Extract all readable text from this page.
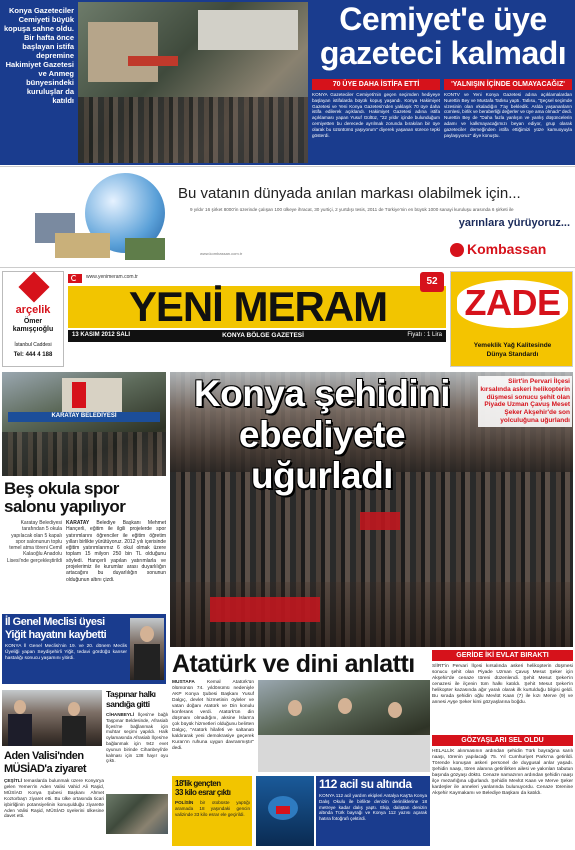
Konya Gazeteciler Cemiyeti büyük kopuşa sahne oldu. Bir hafta önce başlayan istifa depremine Hakimiyet Gazetesi ve Anmeg bünyesindeki kuruluşlar da katıldı
Cemiyet'e üye
gazeteci kalmadı
70 ÜYE DAHA İSTİFA ETTİ
KONYA Gazeteciler Cemiyeti'nin geçen seçimden hediyeye başlayan istifalarda büyük kopuş yaşandı. Konya Hakimiyet Gazetesi ve Yeni Konya Gazetesi'nden yaklaşık 70 üye daha istifa edilerek açıklandı. Hakimiyet Gazetesi adına istifa açıklaması yapan Yusuf Gültüz, "22 yıldır içinde bulunduğum cemiyetten bu derecede ayrılmak zorunda bırakılan bir üye olarak bu üzüntümü yaşıyorum" diyerek yaşanan sürece tepki gösterdi.
'YALNIŞIN İÇİNDE OLMAYACAĞIZ'
KONTV ve Yeni Konya Gazetesi adına açıklamalardan Nurettin Bey ve Mustafa Tatlısu yaptı. Tatlısu, "Şeçsel seçimde vizesinin olan ırkaladığın 7'ay bekledik. Aslda yaşananların cümlesi, birlik ve beraberliği değerler ve üye ama olmadı" dedi. Nurettin Bey de "Daha fazla yanlışın ve yanlış düşüncelerin adamı ve kalkmayacağımızı beyan ediyor, grup olarak gazeteciler derneğinden istifa ettiğimizi yüze kamuoyuyla paylaşıyoruz" diye konuştu.
Bu vatanın dünyada anılan markası olabilmek için...
9 yıldır 16 şirket 8000'in üzerinde çalışan 100 ülkeye ihracat, 30 yurtiçi, 2 yurtdışı tesis, 2011 de Türkiye'nin en büyük 1000 sanayi kuruluşu arasında 6 şirketi ile
yarınlara yürüyoruz...
www.kombassan.com.tr	Kombassan
arçelik
Ömer
kamışçıoğlu
İstanbul Caddesi
Tel: 444 4 188
www.yenimeram.com.tr
YENİ MERAM
52
13 KASIM 2012 SALI	KONYA BÖLGE GAZETESİ	Fiyatı : 1 Lira
ZADE
Yemeklik Yağ Kalitesinde
Dünya Standardı
KARATAY BELEDİYESİ
Beş okula spor
salonu yapılıyor
Karatay Belediyesi tarafından 5 okula yapılacak olan 5 kapalı spor salonunun toplu temel atma töreni Cemil Kalaoğlu Anadolu Lisesi'nde gerçekleştirildi
KARATAY Belediye Başkanı Mehmet Hançerli, eğitim ile ilgili projelerde spor yatırımlarını öğrenciler ile eğitim öğretim yılları birlikte yürütüyoruz. 2012 yılı içerisinde eğitim yatırımlarımız 6 okul olmak üzere toplam 15 milyon 250 bin TL olduğunu söyledi. Hançerli yapılan yatırımlarla ve projelerimiz ile kurumlar arası duyarlılığın artacağını bu duyarlılığın sonunun olduğunun altını çizdi.
Konya şehidini
ebediyete uğurladı
Siirt'in Pervari İlçesi kırsalında askeri helikopterin düşmesi sonucu şehit olan Piyade Uzman Çavuş Meset Şeker Akşehir'de son yolculuğuna uğurlandı
GERİDE İKİ EVLAT BIRAKTI
SİİRT'in Pervari İlçesi kırsalında askeri helikopterin düşmesi sonucu şehit olan Piyade Uzman Çavuş Mesut Şeker için Akşehir'de cenaze töreni düzenlendi. Şehit Mesut Şeker'in cenazesi ile ilçenin tüm halkı katıldı. Şehit Mesut Şeker'in helikopter kazasında ağır yaralı olarak ilk kurtulduğu bilgisi geldi. Bu sırada şehidin oğlu Mevlüt Kaan (7) ile kızı Merve (9) ve annesi Ayşe Şeker kimi gözyaşlarına boğdu.
GÖZYAŞLARI SEL OLDU
HELALLİK alınmasının ardından şehidin Türk bayrağına sarılı naaşı, törenin yapılacağı 75. Yıl Cumhuriyet Parkı'na getirildi. Törende konuşan askeri personel de duygusal anlar yaşadı. Şehidin naaşı, tören alanına getirilirken ailesi ve yakınları tabutun başında gözyaşı döktü. Cenaze namazının ardından şehidin naaşı ilçe mezarlığına uğurlandı. Şehidin Mevlüt Kaan ve Merve Şeker kardeşler ile anneleri yanlarında bulunuyordu. Cenaze törenine Akşehir Kaymakamı ve Belediye Başkanı da katıldı.
İl Genel Meclisi üyesi
Yiğit hayatını kaybetti
KONYA İl Genel Meclisi'nin 19. ve 20. dönem Meclis Üyeliği yapan Seydişehirli Yiğit, tedavi gördüğü kanser hastalığı sonucu yaşamını yitirdi.	Atatürk ve dini anlattı
MUSTAFA Kemal Atatürk'ün ölümünün 74. yıldönümü nedeniyle AKP Konya Şubesi Başkanı Yusuf Dalgıç, devlet hizmetinin öyleler ve vatan doğanı Atatürk ve Din konulu konferans verdi. Atatürk'ün din düşmanı olmadığını, aksine İslam'a çok büyük hizmetleri olduğunu belirten Dalgıç, "Atatürk hilafeti ve saltanatı kaldırarak yeni demokrasiye geçerek Kuran'ın ruhuna uygun davranmıştır" dedi.
Taşpınar halkı
sandığa gitti
CİHANBEYLİ İlçesi'ne bağlı Taşpınar Beldesinde, Afrasiab İlçesi'ne bağlanmak için muhtar seçimi yapıldı. Halk oylamasında Afrasiab İlçesi'ne bağlanmak için 942 evet oyunun birinde Cihanbeyli'de kalması için 138 hayır oyu çıktı.
Aden Valisi'nden
MÜSİAD'a ziyaret
ÇEŞİTLİ temaslarda bulunmak üzere Konya'ya gelen Yemen'in Aden Valisi Vahid Ali Raşid, MÜSİAD Konya Şubesi Başkanı Ahmet Koztorbaş'ı ziyaret etti. Bu ülke ortasında ticari işbirliğinin potansiyelinin konuşulduğu ziyarette Aden Valisi Raşid, MÜSİAD üyelerini ülkesine davet etti.
18'lik gençten
33 kilo esrar çıktı
POLİSİN bir otobüste yaptığı aramada 18 yaşındaki gencin valizinde 33 kilo esrar ele geçirildi.
112 acil su altında
KONYA 112 acil yardım ekipleri Antalya Kaş'ta Konya Dalış Okulu ile birlikte denizin derinliklerine 18 metreye kadar dalış yaptı. Ekip, dalıştan denizin altında Türk bayrağı ve Konya 112 yazısı açarak hatıra fotoğrafı çektirdi.
